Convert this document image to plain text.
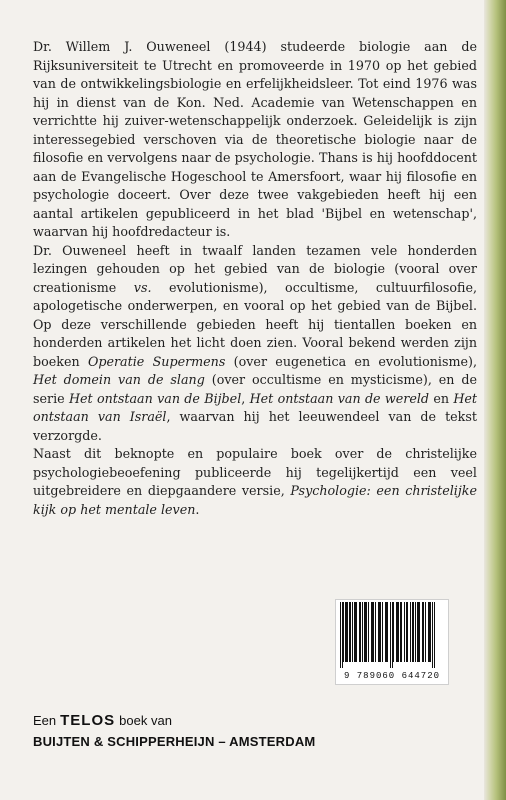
Dr. Willem J. Ouweneel (1944) studeerde biologie aan de Rijksuniversiteit te Utrecht en promoveerde in 1970 op het gebied van de ontwikkelingsbiologie en erfelijkheidsleer. Tot eind 1976 was hij in dienst van de Kon. Ned. Academie van Wetenschappen en verrichtte hij zuiver-wetenschappelijk onderzoek. Geleidelijk is zijn interessegebied verschoven via de theoretische biologie naar de filosofie en vervolgens naar de psychologie. Thans is hij hoofddocent aan de Evangelische Hogeschool te Amersfoort, waar hij filosofie en psychologie doceert. Over deze twee vakgebieden heeft hij een aantal artikelen gepubliceerd in het blad 'Bijbel en wetenschap', waarvan hij hoofdredacteur is.

Dr. Ouweneel heeft in twaalf landen tezamen vele honderden lezingen gehouden op het gebied van de biologie (vooral over creationisme vs. evolutionisme), occultisme, cultuurfilosofie, apologetische onderwerpen, en vooral op het gebied van de Bijbel. Op deze verschillende gebieden heeft hij tientallen boeken en honderden artikelen het licht doen zien. Vooral bekend werden zijn boeken Operatie Supermens (over eugenetica en evolutionisme), Het domein van de slang (over occultisme en mysticisme), en de serie Het ontstaan van de Bijbel, Het ontstaan van de wereld en Het ontstaan van Israël, waarvan hij het leeuwendeel van de tekst verzorgde.

Naast dit beknopte en populaire boek over de christelijke psychologiebeoefening publiceerde hij tegelijkertijd een veel uitgebreidere en diepgaandere versie, Psychologie: een christelijke kijk op het mentale leven.

9 789060 644720
Een TELOS boek van
BUIJTEN & SCHIPPERHEIJN – AMSTERDAM
